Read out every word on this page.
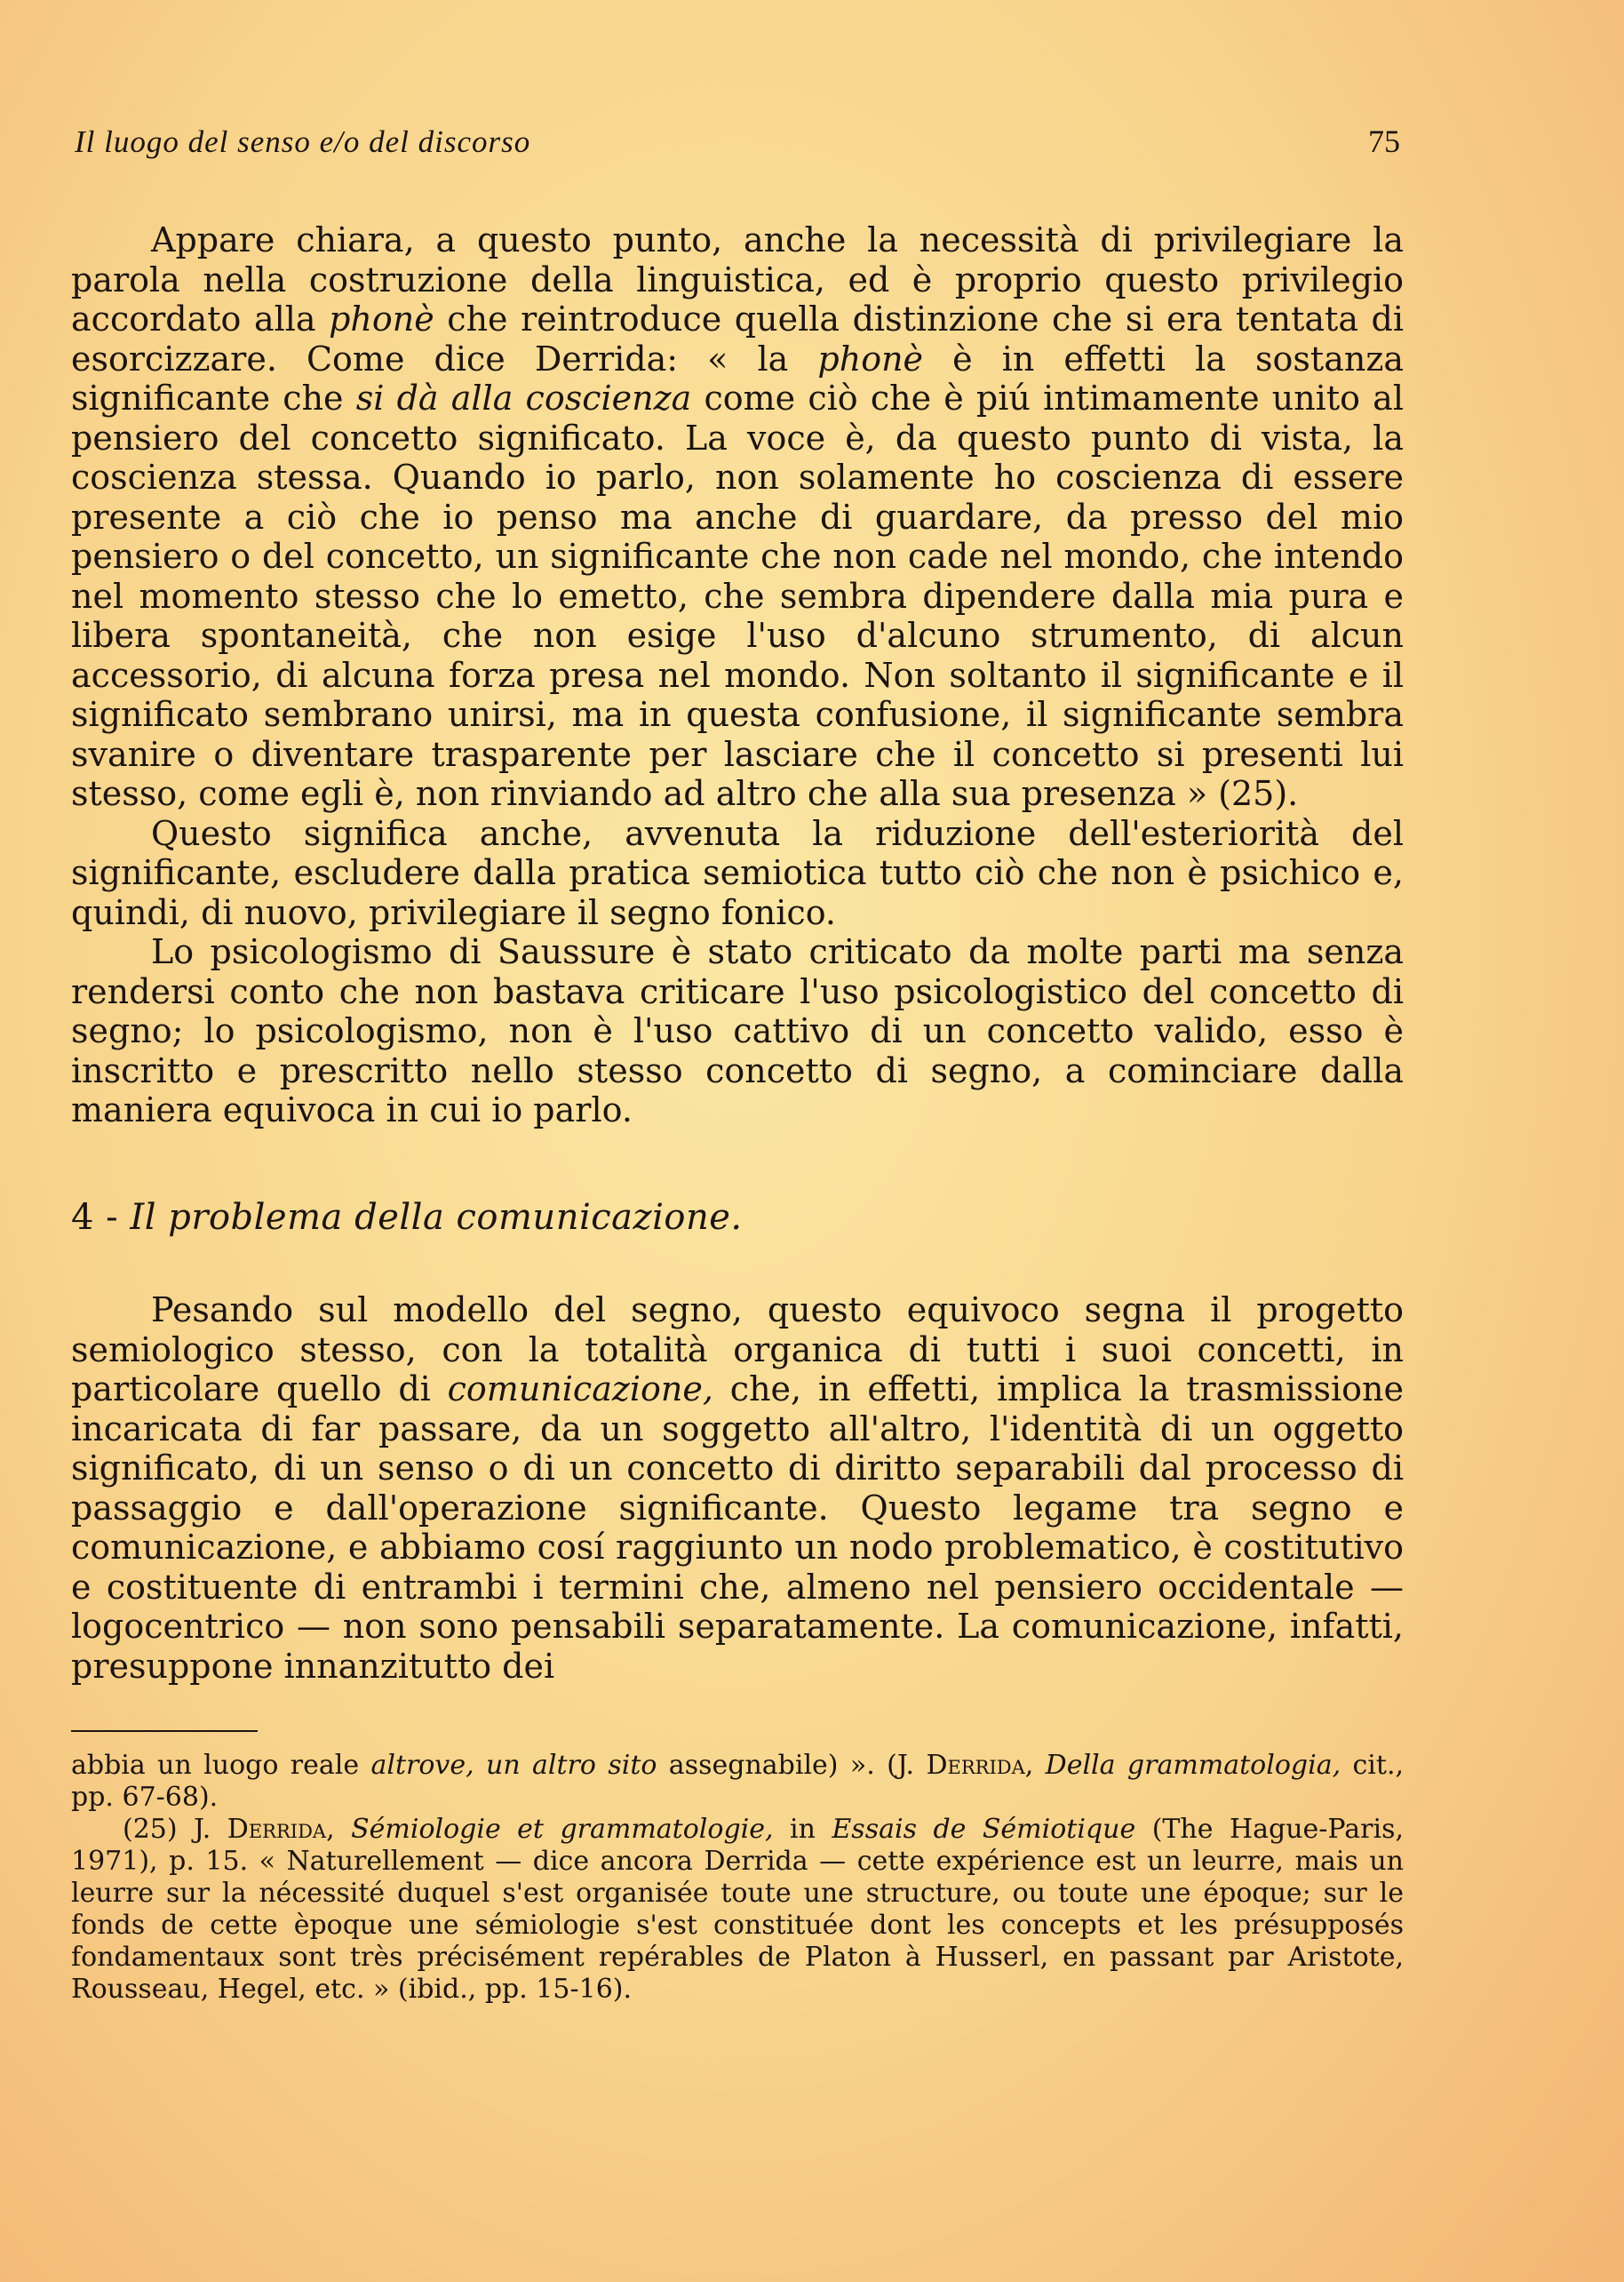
Il luogo del senso e/o del discorso	75

Appare chiara, a questo punto, anche la necessità di privilegiare la parola nella costruzione della linguistica, ed è proprio questo privilegio accordato alla phonè che reintroduce quella distinzione che si era tentata di esorcizzare. Come dice Derrida: « la phonè è in effetti la sostanza significante che si dà alla coscienza come ciò che è piú intimamente unito al pensiero del concetto significato. La voce è, da questo punto di vista, la coscienza stessa. Quando io parlo, non solamente ho coscienza di essere presente a ciò che io penso ma anche di guardare, da presso del mio pensiero o del concetto, un significante che non cade nel mondo, che intendo nel momento stesso che lo emetto, che sembra dipendere dalla mia pura e libera spontaneità, che non esige l'uso d'alcuno strumento, di alcun accessorio, di alcuna forza presa nel mondo. Non soltanto il significante e il significato sembrano unirsi, ma in questa confusione, il significante sembra svanire o diventare trasparente per lasciare che il concetto si presenti lui stesso, come egli è, non rinviando ad altro che alla sua presenza » (25).

Questo significa anche, avvenuta la riduzione dell'esteriorità del significante, escludere dalla pratica semiotica tutto ciò che non è psichico e, quindi, di nuovo, privilegiare il segno fonico.

Lo psicologismo di Saussure è stato criticato da molte parti ma senza rendersi conto che non bastava criticare l'uso psicologistico del concetto di segno; lo psicologismo, non è l'uso cattivo di un concetto valido, esso è inscritto e prescritto nello stesso concetto di segno, a cominciare dalla maniera equivoca in cui io parlo.

4 - Il problema della comunicazione.

Pesando sul modello del segno, questo equivoco segna il progetto semiologico stesso, con la totalità organica di tutti i suoi concetti, in particolare quello di comunicazione, che, in effetti, implica la trasmissione incaricata di far passare, da un soggetto all'altro, l'identità di un oggetto significato, di un senso o di un concetto di diritto separabili dal processo di passaggio e dall'operazione significante. Questo legame tra segno e comunicazione, e abbiamo cosí raggiunto un nodo problematico, è costitutivo e costituente di entrambi i termini che, almeno nel pensiero occidentale — logocentrico — non sono pensabili separatamente. La comunicazione, infatti, presuppone innanzitutto dei

abbia un luogo reale altrove, un altro sito assegnabile) ». (J. Derrida, Della grammatologia, cit., pp. 67-68).

(25) J. Derrida, Sémiologie et grammatologie, in Essais de Sémiotique (The Hague-Paris, 1971), p. 15. « Naturellement — dice ancora Derrida — cette expérience est un leurre, mais un leurre sur la nécessité duquel s'est organisée toute une structure, ou toute une époque; sur le fonds de cette èpoque une sémiologie s'est constituée dont les concepts et les présupposés fondamentaux sont très précisément repérables de Platon à Husserl, en passant par Aristote, Rousseau, Hegel, etc. » (ibid., pp. 15-16).
